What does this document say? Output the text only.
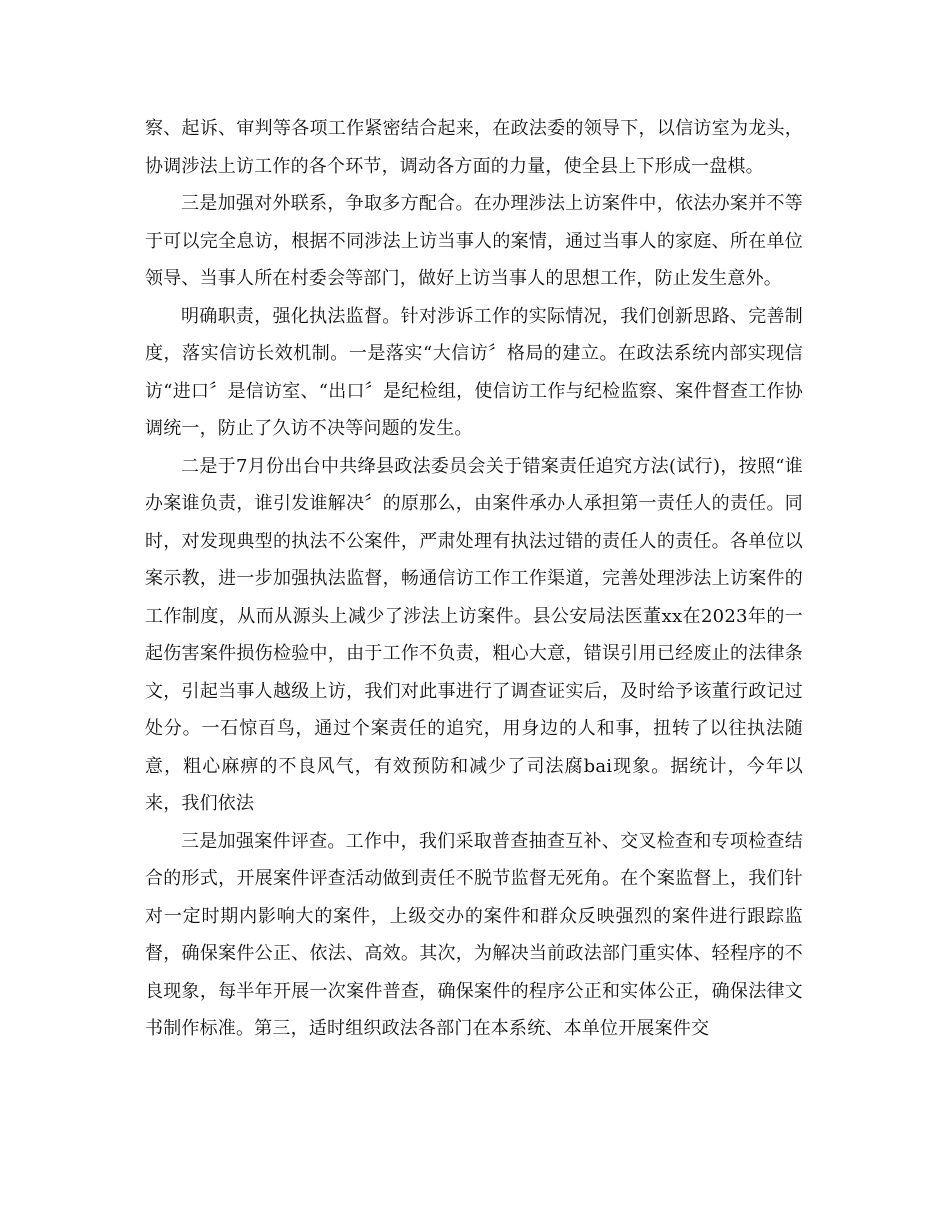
察、起诉、审判等各项工作紧密结合起来，在政法委的领导下，以信访室为龙头，协调涉法上访工作的各个环节，调动各方面的力量，使全县上下形成一盘棋。

三是加强对外联系，争取多方配合。在办理涉法上访案件中，依法办案并不等于可以完全息访，根据不同涉法上访当事人的案情，通过当事人的家庭、所在单位领导、当事人所在村委会等部门，做好上访当事人的思想工作，防止发生意外。

明确职责，强化执法监督。针对涉诉工作的实际情况，我们创新思路、完善制度，落实信访长效机制。一是落实“大信访〞格局的建立。在政法系统内部实现信访“进口〞是信访室、“出口〞是纪检组，使信访工作与纪检监察、案件督查工作协调统一，防止了久访不决等问题的发生。

二是于7月份出台中共绛县政法委员会关于错案责任追究方法(试行)，按照“谁办案谁负责，谁引发谁解决〞的原那么，由案件承办人承担第一责任人的责任。同时，对发现典型的执法不公案件，严肃处理有执法过错的责任人的责任。各单位以案示教，进一步加强执法监督，畅通信访工作工作渠道，完善处理涉法上访案件的工作制度，从而从源头上减少了涉法上访案件。县公安局法医董xx在2023年的一起伤害案件损伤检验中，由于工作不负责，粗心大意，错误引用已经废止的法律条文，引起当事人越级上访，我们对此事进行了调查证实后，及时给予该董行政记过处分。一石惊百鸟，通过个案责任的追究，用身边的人和事，扭转了以往执法随意，粗心麻痹的不良风气，有效预防和减少了司法腐bai现象。据统计，今年以来，我们依法

三是加强案件评查。工作中，我们采取普查抽查互补、交叉检查和专项检查结合的形式，开展案件评查活动做到责任不脱节监督无死角。在个案监督上，我们针对一定时期内影响大的案件，上级交办的案件和群众反映强烈的案件进行跟踪监督，确保案件公正、依法、高效。其次，为解决当前政法部门重实体、轻程序的不良现象，每半年开展一次案件普查，确保案件的程序公正和实体公正，确保法律文书制作标准。第三，适时组织政法各部门在本系统、本单位开展案件交
